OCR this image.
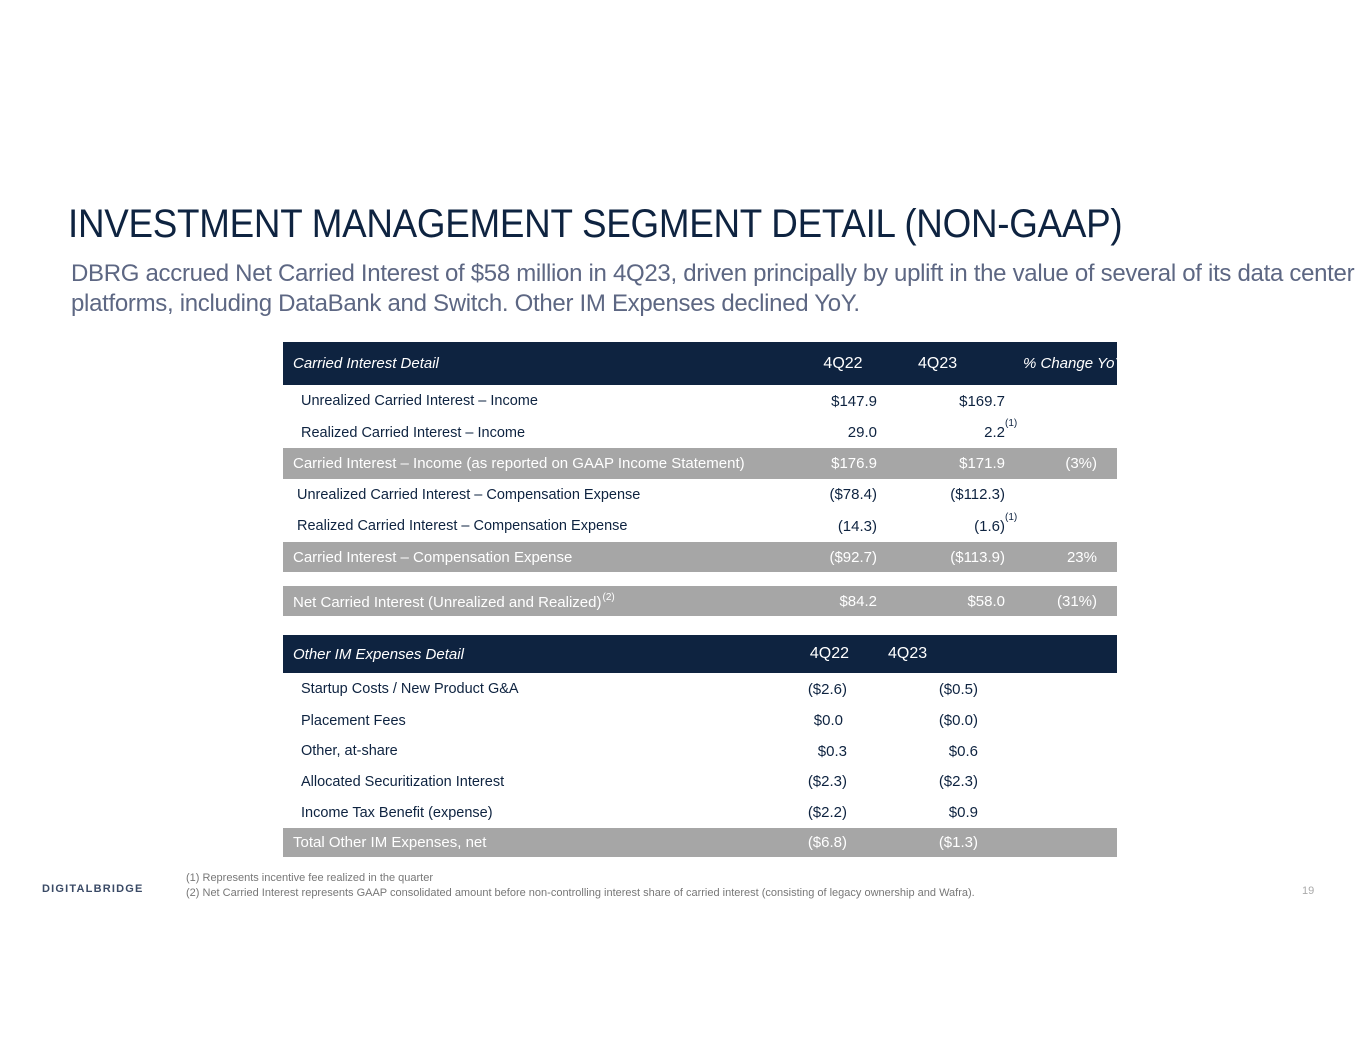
INVESTMENT MANAGEMENT SEGMENT DETAIL (NON-GAAP)

DBRG accrued Net Carried Interest of $58 million in 4Q23, driven principally by uplift in the value of several of its data center platforms, including DataBank and Switch. Other IM Expenses declined YoY.

Carried Interest Detail	4Q22	4Q23	% Change YoY
Unrealized Carried Interest – Income	$147.9	$169.7	
Realized Carried Interest – Income	29.0	2.2
(1)	

Carried Interest – Income (as reported on GAAP Income Statement)	$176.9	$171.9	(3%)
Unrealized Carried Interest – Compensation Expense	($78.4)	($112.3)	
Realized Carried Interest – Compensation Expense	(14.3)	(1.6)
(1)	

Carried Interest – Compensation Expense	($92.7)	($113.9)	23%
Net Carried Interest (Unrealized and Realized)$^{(2)}$	$84.2	$58.0	(31%)
Other IM Expenses Detail	4Q22	4Q23
Startup Costs / New Product G&A	($2.6)	($0.5)
Placement Fees	$0.0	($0.0)
Other, at-share	$0.3	$0.6
Allocated Securitization Interest	($2.3)	($2.3)
Income Tax Benefit (expense)	($2.2)	$0.9
Total Other IM Expenses, net	($6.8)	($1.3)
DIGITALBRIDGE
(1) Represents incentive fee realized in the quarter
(2) Net Carried Interest represents GAAP consolidated amount before non-controlling interest share of carried interest (consisting of legacy ownership and Wafra).	19
